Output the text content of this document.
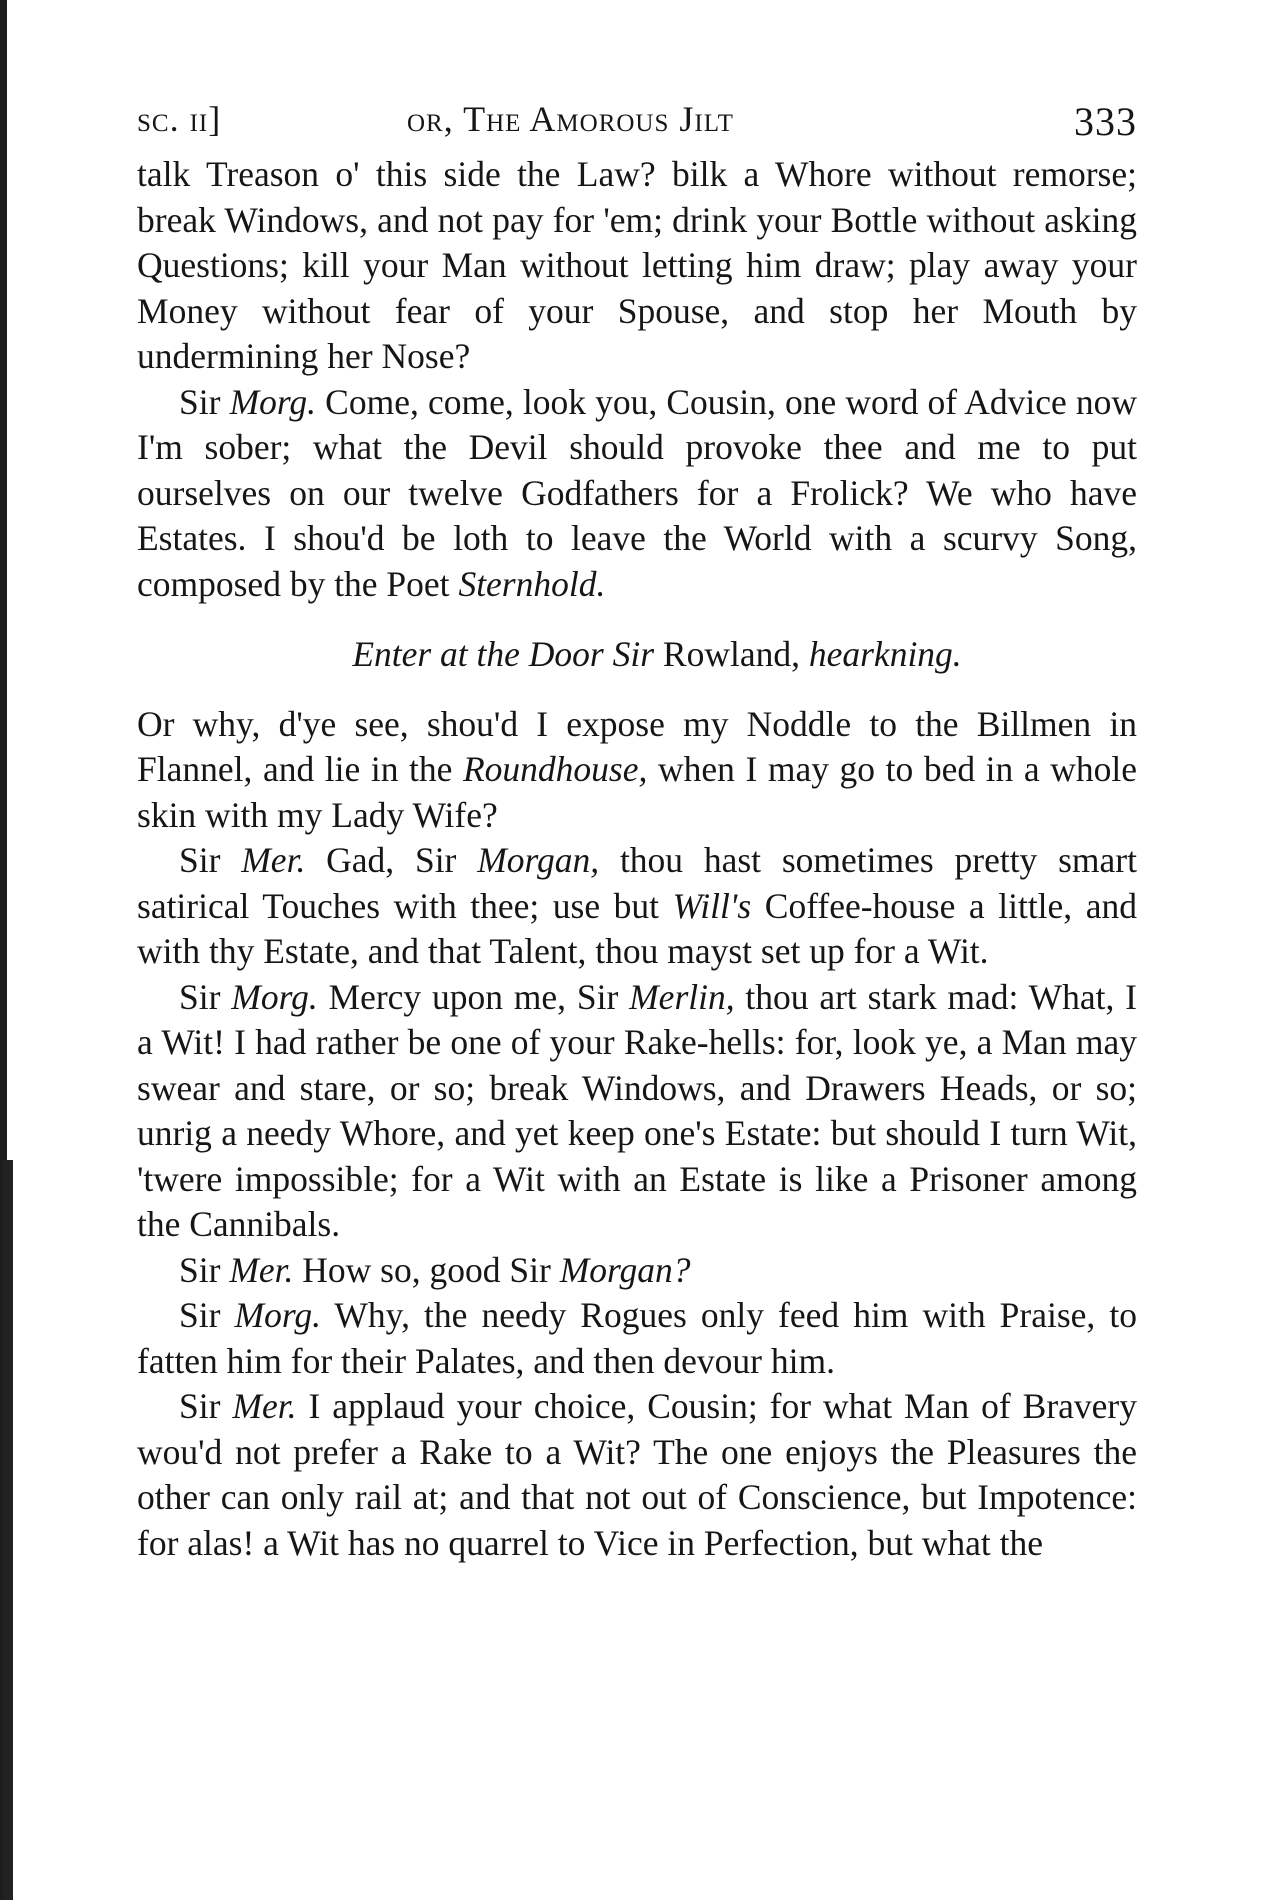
sc. ii]	or, The Amorous Jilt	333

talk Treason o' this side the Law? bilk a Whore without remorse; break Windows, and not pay for 'em; drink your Bottle without asking Questions; kill your Man without letting him draw; play away your Money without fear of your Spouse, and stop her Mouth by undermining her Nose?

Sir Morg. Come, come, look you, Cousin, one word of Advice now I'm sober; what the Devil should provoke thee and me to put ourselves on our twelve Godfathers for a Frolick? We who have Estates. I shou'd be loth to leave the World with a scurvy Song, composed by the Poet Sternhold.

Enter at the Door Sir Rowland, hearkning.

Or why, d'ye see, shou'd I expose my Noddle to the Billmen in Flannel, and lie in the Roundhouse, when I may go to bed in a whole skin with my Lady Wife?

Sir Mer. Gad, Sir Morgan, thou hast sometimes pretty smart satirical Touches with thee; use but Will's Coffee-house a little, and with thy Estate, and that Talent, thou mayst set up for a Wit.

Sir Morg. Mercy upon me, Sir Merlin, thou art stark mad: What, I a Wit! I had rather be one of your Rake-hells: for, look ye, a Man may swear and stare, or so; break Windows, and Drawers Heads, or so; unrig a needy Whore, and yet keep one's Estate: but should I turn Wit, 'twere impossible; for a Wit with an Estate is like a Prisoner among the Cannibals.

Sir Mer. How so, good Sir Morgan?

Sir Morg. Why, the needy Rogues only feed him with Praise, to fatten him for their Palates, and then devour him.

Sir Mer. I applaud your choice, Cousin; for what Man of Bravery wou'd not prefer a Rake to a Wit? The one enjoys the Pleasures the other can only rail at; and that not out of Conscience, but Impotence: for alas! a Wit has no quarrel to Vice in Perfection, but what the
